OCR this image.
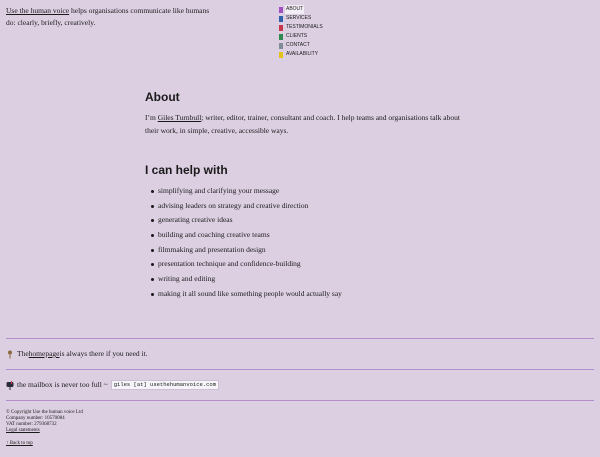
Use the human voice helps organisations communicate like humans do: clearly, briefly, creatively.

ABOUT
SERVICES
TESTIMONIALS
CLIENTS
CONTACT
AVAILABILITY
About

I’m Giles Turnbull; writer, editor, trainer, consultant and coach. I help teams and organisations talk about their work, in simple, creative, accessible ways.

I can help with
simplifying and clarifying your message
advising leaders on strategy and creative direction
generating creative ideas
building and coaching creative teams
filmmaking and presentation design
presentation technique and confidence-building
writing and editing
making it all sound like something people would actually say

The homepage is always there if you need it.

the mailbox is never too full ~	giles [at] usethehumanvoice.com

© Copyright Use the human voice Ltd
Company number: 10570084
VAT number: 279368732
Legal statements
↑ Back to top
